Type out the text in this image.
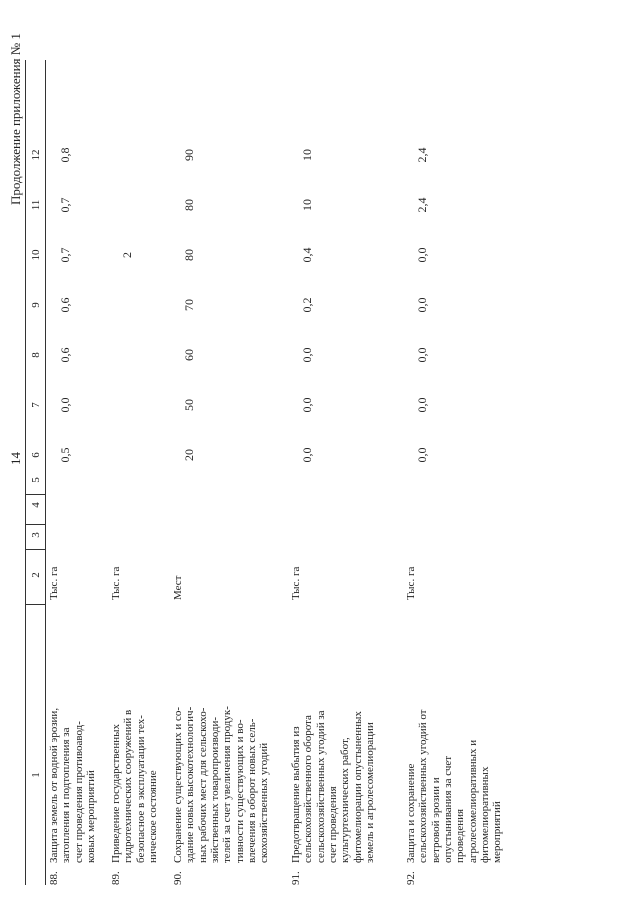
14
Продолжение приложения № 1
1
2
3
4
5
6
7
8
9
10
11
12
88.
Защита земель от водной эрозии, затопления и подтопления за счет проведения противоавод- ковых мероприятий
Тыс. га
0,5
0,0
0,6
0,6
0,7
0,7
0,8
89.
Приведение государственных гидротехнических сооружений в безопасное в эксплуатации тех- ническое состояние
Тыс. га
2
90.
Сохранение существующих и со- здание новых высокотехнологич- ных рабочих мест для сельскохо- зяйственных товаропроизводи- телей за счет увеличения продук- тивности существующих и во- влечения в оборот новых сель- скохозяйственных угодий
Мест
20
50
60
70
80
80
90
91.
Предотвращение выбытия из сельскохозяйственного оборота сельскохозяйственных угодий за счет проведения культуртехнических работ, фитомелиорации опустыненных земель и агролесомелиорации
Тыс. га
0,0
0,0
0,0
0,2
0,4
10
10
92.
Защита и сохранение сельскохозяйственных угодий от ветровой эрозии и опустынивания за счет проведения агролесомелиоративных и фитомелиоративных мероприятий
Тыс. га
0,0
0,0
0,0
0,0
0,0
2,4
2,4
